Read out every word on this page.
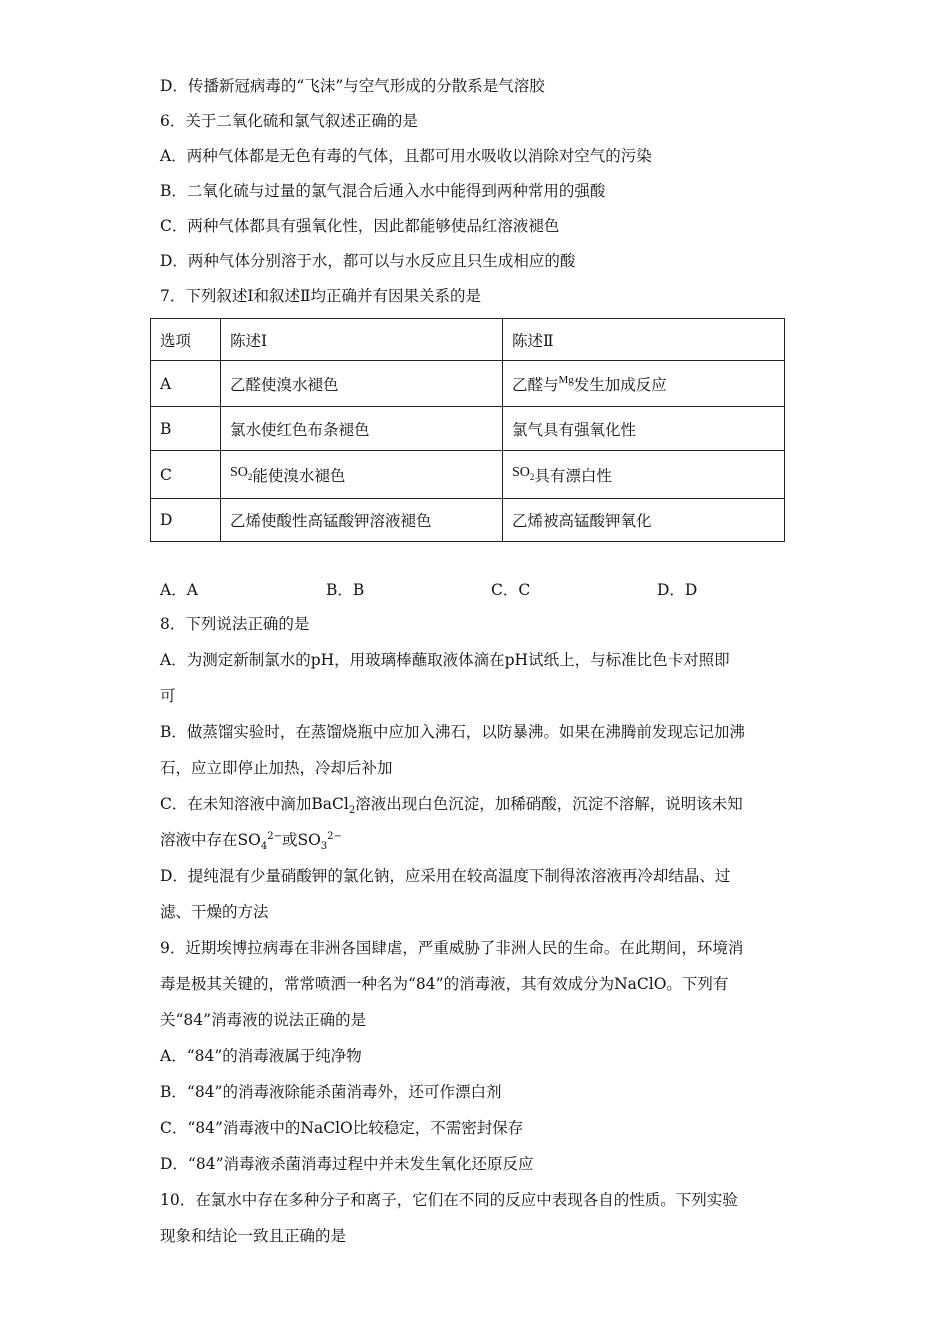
D．传播新冠病毒的“飞沫”与空气形成的分散系是气溶胶
6．关于二氧化硫和氯气叙述正确的是
A．两种气体都是无色有毒的气体，且都可用水吸收以消除对空气的污染
B．二氧化硫与过量的氯气混合后通入水中能得到两种常用的强酸
C．两种气体都具有强氧化性，因此都能够使品红溶液褪色
D．两种气体分别溶于水，都可以与水反应且只生成相应的酸
7．下列叙述Ⅰ和叙述Ⅱ均正确并有因果关系的是
选项	陈述Ⅰ	陈述Ⅱ
A	乙醛使溴水褪色	乙醛与$^{Mg}$发生加成反应
B	氯水使红色布条褪色	氯气具有强氧化性
C	$SO_2$能使溴水褪色	$SO_2$具有漂白性
D	乙烯使酸性高锰酸钾溶液褪色	乙烯被高锰酸钾氧化
A．A	B．B	C．C	D．D
8．下列说法正确的是
A．为测定新制氯水的pH，用玻璃棒蘸取液体滴在pH试纸上，与标准比色卡对照即
可
B．做蒸馏实验时，在蒸馏烧瓶中应加入沸石，以防暴沸。如果在沸腾前发现忘记加沸
石，应立即停止加热，冷却后补加
C．在未知溶液中滴加BaCl$_2$溶液出现白色沉淀，加稀硝酸，沉淀不溶解，说明该未知
溶液中存在$SO_4^{2-}$或$SO_3^{2-}$
D．提纯混有少量硝酸钾的氯化钠，应采用在较高温度下制得浓溶液再冷却结晶、过
滤、干燥的方法
9．近期埃博拉病毒在非洲各国肆虐，严重威胁了非洲人民的生命。在此期间，环境消
毒是极其关键的，常常喷洒一种名为“84”的消毒液，其有效成分为NaClO。下列有
关“84”消毒液的说法正确的是
A．“84”的消毒液属于纯净物
B．“84”的消毒液除能杀菌消毒外，还可作漂白剂
C．“84”消毒液中的NaClO比较稳定，不需密封保存
D．“84”消毒液杀菌消毒过程中并未发生氧化还原反应
10．在氯水中存在多种分子和离子，它们在不同的反应中表现各自的性质。下列实验
现象和结论一致且正确的是
